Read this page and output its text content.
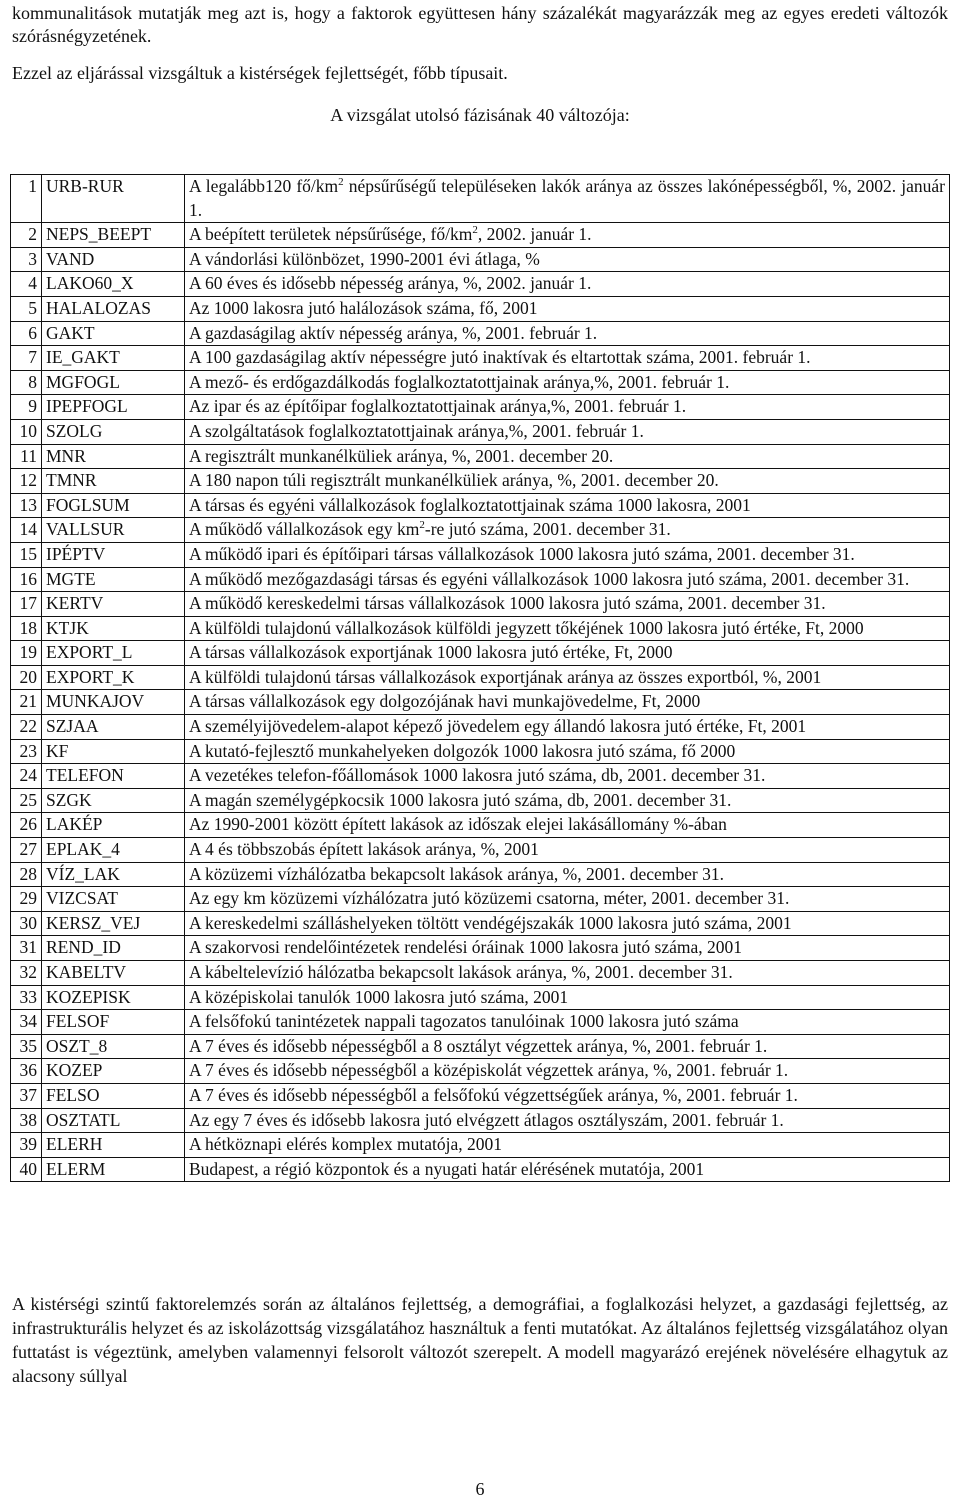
kommunalitások mutatják meg azt is, hogy a faktorok együttesen hány százalékát magyarázzák meg az egyes eredeti változók szórásnégyzetének.

Ezzel az eljárással vizsgáltuk a kistérségek fejlettségét, főbb típusait.

A vizsgálat utolsó fázisának 40 változója:
1	URB-RUR	A legalább120 $fő/km^2$ népsűrűségű településeken lakók aránya az összes lakónépességből, %, 2002. január 1.
2	NEPS_BEEPT	A beépített területek népsűrűsége, $fő/km^2$, 2002. január 1.
3	VAND	A vándorlási különbözet, 1990-2001 évi átlaga, %
4	LAKO60_X	A 60 éves és idősebb népesség aránya, %, 2002. január 1.
5	HALALOZAS	Az 1000 lakosra jutó halálozások száma, fő, 2001
6	GAKT	A gazdaságilag aktív népesség aránya, %, 2001. február 1.
7	IE_GAKT	A 100 gazdaságilag aktív népességre jutó inaktívak és eltartottak száma, 2001. február 1.
8	MGFOGL	A mező- és erdőgazdálkodás foglalkoztatottjainak aránya,%, 2001. február 1.
9	IPEPFOGL	Az ipar és az építőipar foglalkoztatottjainak aránya,%, 2001. február 1.
10	SZOLG	A szolgáltatások foglalkoztatottjainak aránya,%, 2001. február 1.
11	MNR	A regisztrált munkanélküliek aránya, %, 2001. december 20.
12	TMNR	A 180 napon túli regisztrált munkanélküliek aránya, %, 2001. december 20.
13	FOGLSUM	A társas és egyéni vállalkozások foglalkoztatottjainak száma 1000 lakosra, 2001
14	VALLSUR	A működő vállalkozások egy $km^2-re$ jutó száma, 2001. december 31.
15	IPÉPTV	A működő ipari és építőipari társas vállalkozások 1000 lakosra jutó száma, 2001. december 31.
16	MGTE	A működő mezőgazdasági társas és egyéni vállalkozások 1000 lakosra jutó száma, 2001. december 31.
17	KERTV	A működő kereskedelmi társas vállalkozások 1000 lakosra jutó száma, 2001. december 31.
18	KTJK	A külföldi tulajdonú vállalkozások külföldi jegyzett tőkéjének 1000 lakosra jutó értéke, Ft, 2000
19	EXPORT_L	A társas vállalkozások exportjának 1000 lakosra jutó értéke, Ft, 2000
20	EXPORT_K	A külföldi tulajdonú társas vállalkozások exportjának aránya az összes exportból, %, 2001
21	MUNKAJOV	A társas vállalkozások egy dolgozójának havi munkajövedelme, Ft, 2000
22	SZJAA	A személyijövedelem-alapot képező jövedelem egy állandó lakosra jutó értéke, Ft, 2001
23	KF	A kutató-fejlesztő munkahelyeken dolgozók 1000 lakosra jutó száma, fő 2000
24	TELEFON	A vezetékes telefon-főállomások 1000 lakosra jutó száma, db, 2001. december 31.
25	SZGK	A magán személygépkocsik 1000 lakosra jutó száma, db, 2001. december 31.
26	LAKÉP	Az 1990-2001 között épített lakások az időszak elejei lakásállomány %-ában
27	EPLAK_4	A 4 és többszobás épített lakások aránya, %, 2001
28	VÍZ_LAK	A közüzemi vízhálózatba bekapcsolt lakások aránya, %, 2001. december 31.
29	VIZCSAT	Az egy km közüzemi vízhálózatra jutó közüzemi csatorna, méter, 2001. december 31.
30	KERSZ_VEJ	A kereskedelmi szálláshelyeken töltött vendégéjszakák 1000 lakosra jutó száma, 2001
31	REND_ID	A szakorvosi rendelőintézetek rendelési óráinak 1000 lakosra jutó száma, 2001
32	KABELTV	A kábeltelevízió hálózatba bekapcsolt lakások aránya, %, 2001. december 31.
33	KOZEPISK	A középiskolai tanulók 1000 lakosra jutó száma, 2001
34	FELSOF	A felsőfokú tanintézetek nappali tagozatos tanulóinak 1000 lakosra jutó száma
35	OSZT_8	A 7 éves és idősebb népességből a 8 osztályt végzettek aránya, %, 2001. február 1.
36	KOZEP	A 7 éves és idősebb népességből a középiskolát végzettek aránya, %, 2001. február 1.
37	FELSO	A 7 éves és idősebb népességből a felsőfokú végzettségűek aránya, %, 2001. február 1.
38	OSZTATL	Az egy 7 éves és idősebb lakosra jutó elvégzett átlagos osztályszám, 2001. február 1.
39	ELERH	A hétköznapi elérés komplex mutatója, 2001
40	ELERM	Budapest, a régió központok és a nyugati határ elérésének mutatója, 2001

A kistérségi szintű faktorelemzés során az általános fejlettség, a demográfiai, a foglalkozási helyzet, a gazdasági fejlettség, az infrastrukturális helyzet és az iskolázottság vizsgálatához használtuk a fenti mutatókat. Az általános fejlettség vizsgálatához olyan futtatást is végeztünk, amelyben valamennyi felsorolt változót szerepelt. A modell magyarázó erejének növelésére elhagytuk az alacsony súllyal

6
